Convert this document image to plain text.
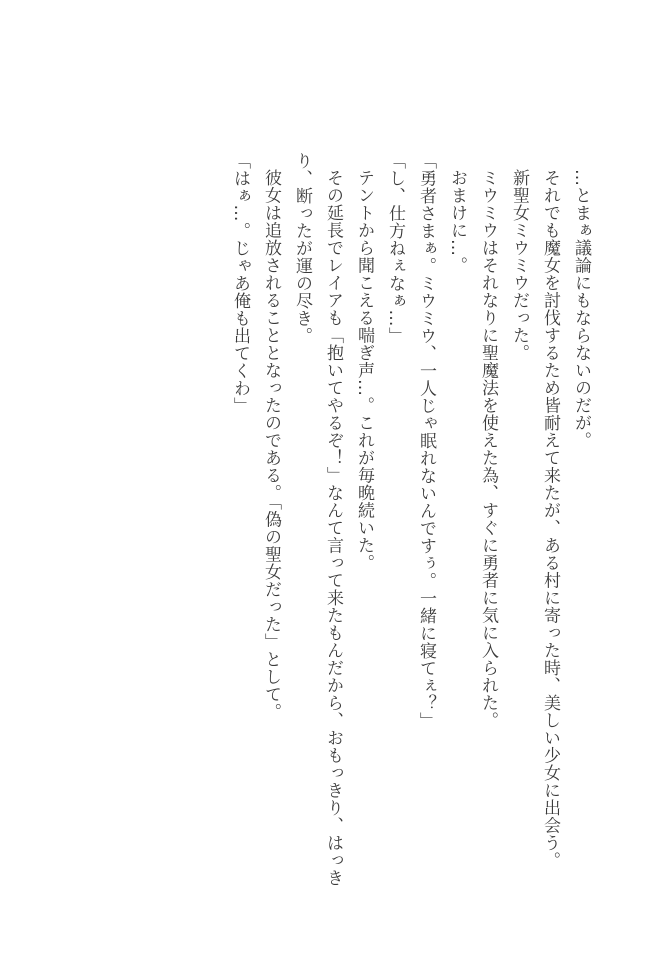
…とまぁ議論にもならないのだが。
それでも魔女を討伐するため皆耐えて来たが、ある村に寄った時、美しい少女に出会う。
新聖女ミウミウだった。
ミウミウはそれなりに聖魔法を使えた為、すぐに勇者に気に入られた。
おまけに…。
「勇者さまぁ。ミウミウ、一人じゃ眠れないんですぅ。一緒に寝てぇ？」
「し、仕方ねぇなぁ…」
テントから聞こえる喘ぎ声…。これが毎晩続いた。
その延長でレイアも「抱いてやるぞ！」なんて言って来たもんだから、おもっきり、はっき
り、断ったが運の尽き。
彼女は追放されることとなったのである。「偽の聖女だった」として。
「はぁ…。じゃあ俺も出てくわ」
